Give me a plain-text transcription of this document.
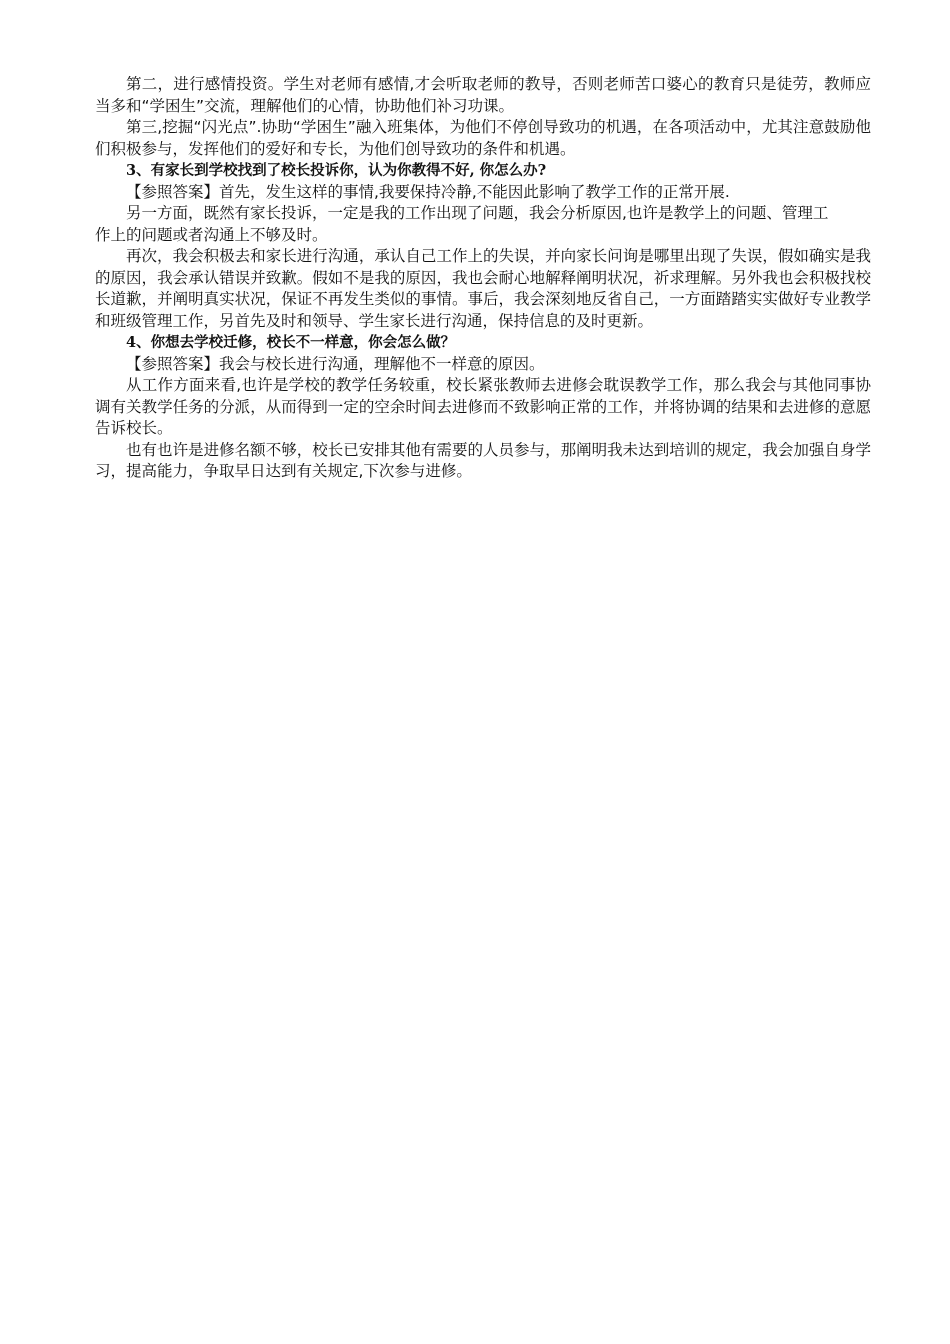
第二，进行感情投资。学生对老师有感情,才会听取老师的教导，否则老师苦口婆心的教育只是徒劳，教师应当多和“学困生”交流，理解他们的心情，协助他们补习功课。

第三,挖掘“闪光点”.协助“学困生”融入班集体，为他们不停创导致功的机遇，在各项活动中，尤其注意鼓励他们积极参与，发挥他们的爱好和专长，为他们创导致功的条件和机遇。

3、有家长到学校找到了校长投诉你，认为你教得不好, 你怎么办?

【参照答案】首先，发生这样的事情,我要保持冷静,不能因此影响了教学工作的正常开展.

另一方面，既然有家长投诉，一定是我的工作出现了问题，我会分析原因,也许是教学上的问题、管理工

作上的问题或者沟通上不够及时。

再次，我会积极去和家长进行沟通，承认自己工作上的失误，并向家长问询是哪里出现了失误，假如确实是我的原因，我会承认错误并致歉。假如不是我的原因，我也会耐心地解释阐明状况，祈求理解。另外我也会积极找校长道歉，并阐明真实状况，保证不再发生类似的事情。事后，我会深刻地反省自己，一方面踏踏实实做好专业教学和班级管理工作，另首先及时和领导、学生家长进行沟通，保持信息的及时更新。

4、你想去学校迁修，校长不一样意，你会怎么做？

【参照答案】我会与校长进行沟通，理解他不一样意的原因。

从工作方面来看,也许是学校的教学任务较重，校长紧张教师去进修会耽误教学工作，那么我会与其他同事协调有关教学任务的分派，从而得到一定的空余时间去进修而不致影响正常的工作，并将协调的结果和去进修的意愿告诉校长。

也有也许是进修名额不够，校长已安排其他有需要的人员参与，那阐明我未达到培训的规定，我会加强自身学习，提高能力，争取早日达到有关规定,下次参与进修。
